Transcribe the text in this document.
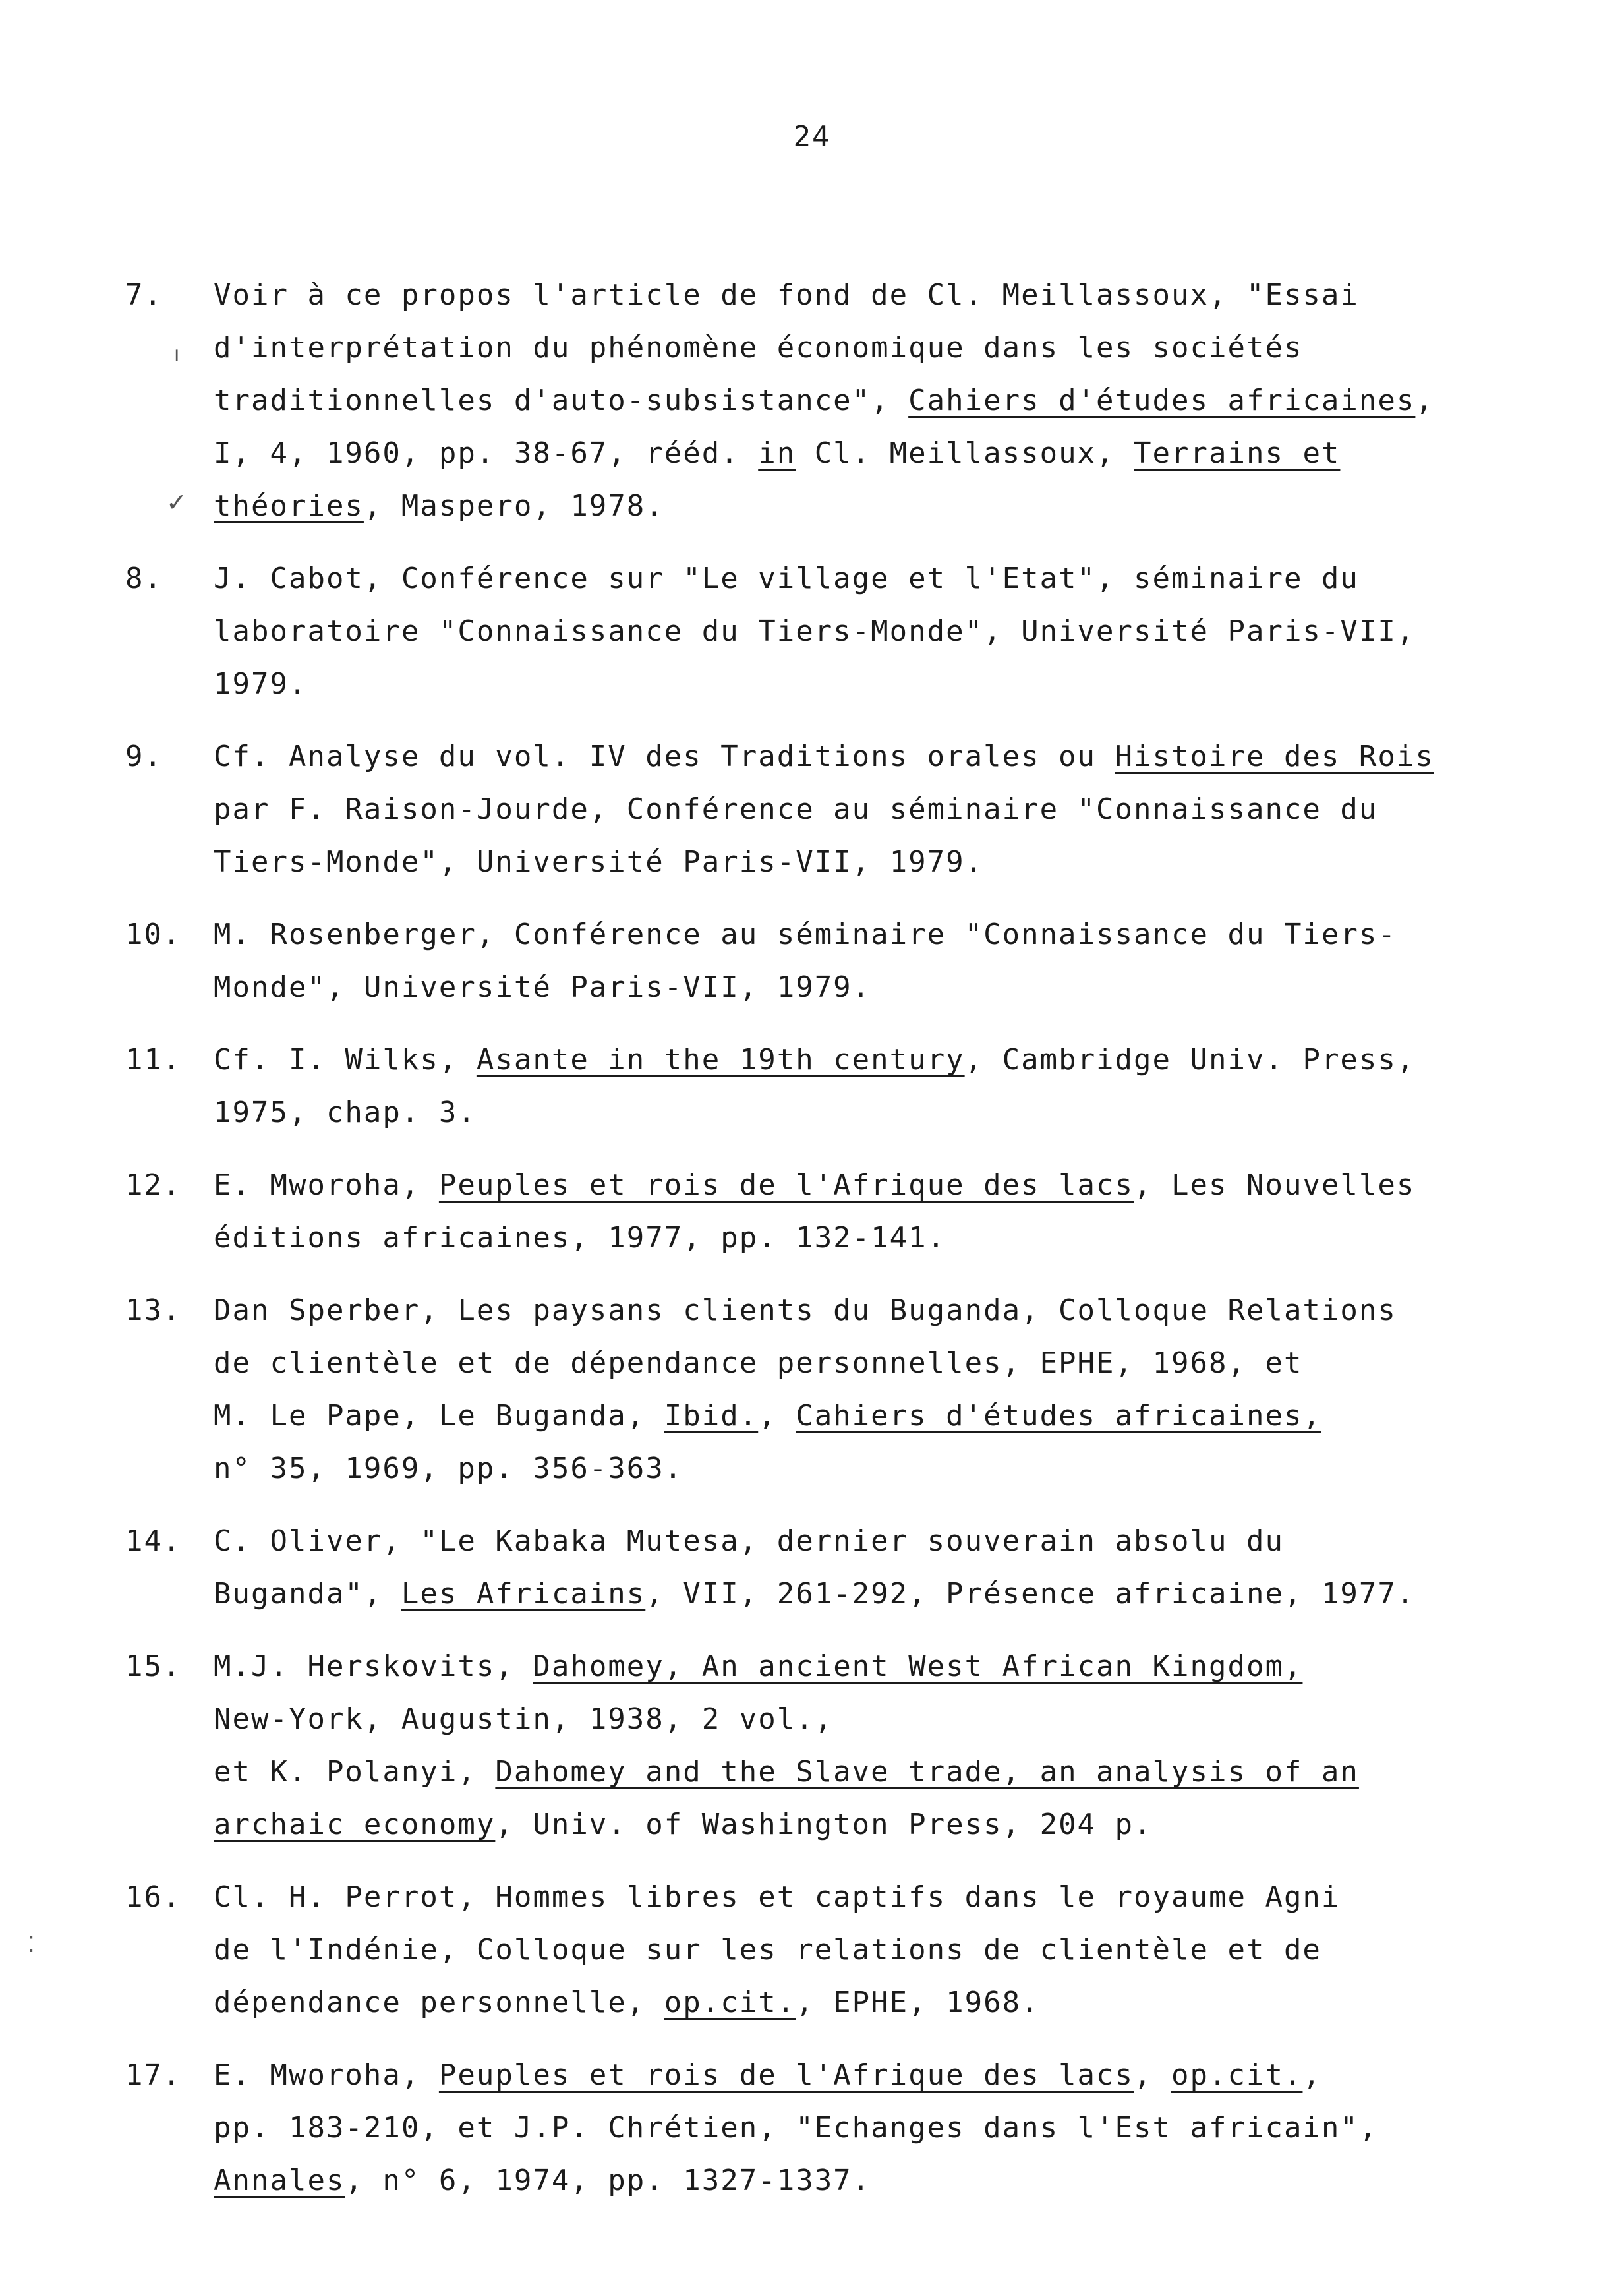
24
ı
✓
⁚
7. Voir à ce propos l'article de fond de Cl. Meillassoux, "Essai
d'interprétation du phénomène économique dans les sociétés
traditionnelles d'auto-subsistance", Cahiers d'études africaines,
I, 4, 1960, pp. 38-67, rééd. in Cl. Meillassoux, Terrains et
théories, Maspero, 1978.
8. J. Cabot, Conférence sur "Le village et l'Etat", séminaire du
laboratoire "Connaissance du Tiers-Monde", Université Paris-VII,
1979.
9. Cf. Analyse du vol. IV des Traditions orales ou Histoire des Rois
par F. Raison-Jourde, Conférence au séminaire "Connaissance du
Tiers-Monde", Université Paris-VII, 1979.
10. M. Rosenberger, Conférence au séminaire "Connaissance du Tiers-
Monde", Université Paris-VII, 1979.
11. Cf. I. Wilks, Asante in the 19th century, Cambridge Univ. Press,
1975, chap. 3.
12. E. Mworoha, Peuples et rois de l'Afrique des lacs, Les Nouvelles
éditions africaines, 1977, pp. 132-141.
13. Dan Sperber, Les paysans clients du Buganda, Colloque Relations
de clientèle et de dépendance personnelles, EPHE, 1968, et
M. Le Pape, Le Buganda, Ibid., Cahiers d'études africaines,
n° 35, 1969, pp. 356-363.
14. C. Oliver, "Le Kabaka Mutesa, dernier souverain absolu du
Buganda", Les Africains, VII, 261-292, Présence africaine, 1977.
15. M.J. Herskovits, Dahomey, An ancient West African Kingdom,
New-York, Augustin, 1938, 2 vol.,
et K. Polanyi, Dahomey and the Slave trade, an analysis of an
archaic economy, Univ. of Washington Press, 204 p.
16. Cl. H. Perrot, Hommes libres et captifs dans le royaume Agni
de l'Indénie, Colloque sur les relations de clientèle et de
dépendance personnelle, op.cit., EPHE, 1968.
17. E. Mworoha, Peuples et rois de l'Afrique des lacs, op.cit.,
pp. 183-210, et J.P. Chrétien, "Echanges dans l'Est africain",
Annales, n° 6, 1974, pp. 1327-1337.
